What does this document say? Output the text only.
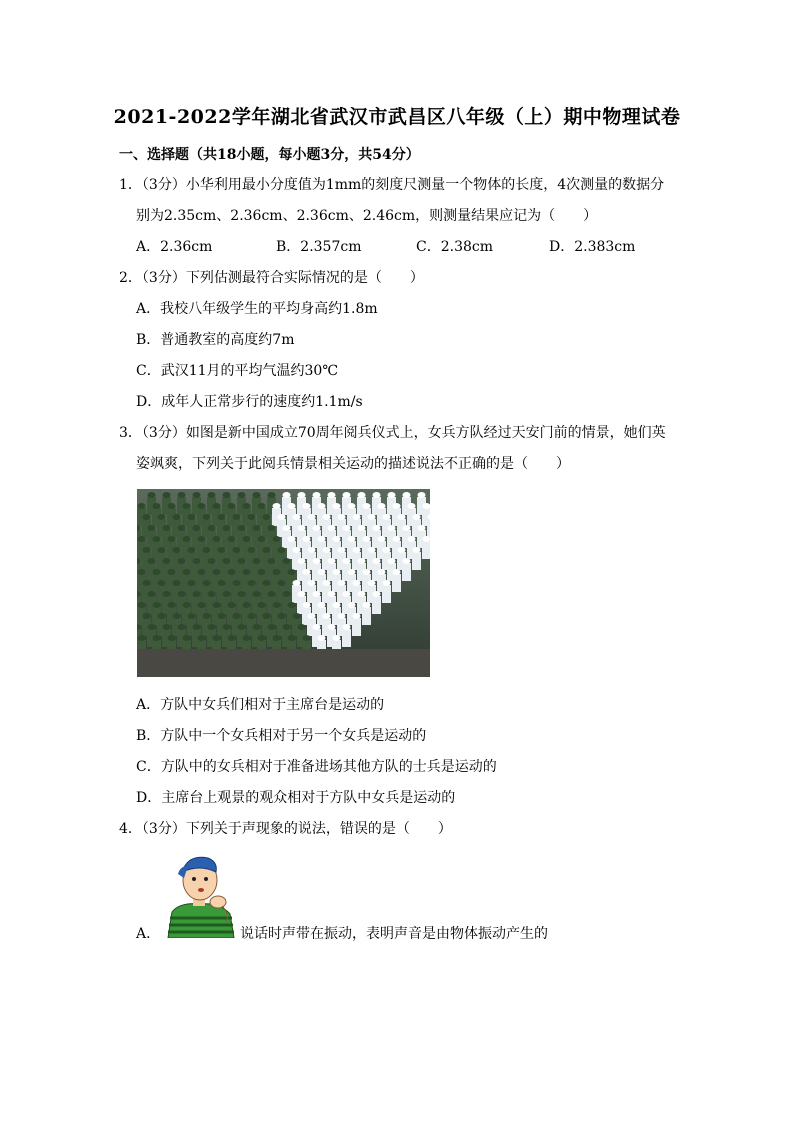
2021-2022学年湖北省武汉市武昌区八年级（上）期中物理试卷
一、选择题（共18小题，每小题3分，共54分）
1．（3分）小华利用最小分度值为1mm的刻度尺测量一个物体的长度，4次测量的数据分
别为2.35cm、2.36cm、2.36cm、2.46cm，则测量结果应记为（　　）
A．2.36cm	B．2.357cm	C．2.38cm	D．2.383cm
2．（3分）下列估测最符合实际情况的是（　　）
A．我校八年级学生的平均身高约1.8m
B．普通教室的高度约7m
C．武汉11月的平均气温约30℃
D．成年人正常步行的速度约1.1m/s
3．（3分）如图是新中国成立70周年阅兵仪式上，女兵方队经过天安门前的情景，她们英
姿飒爽，下列关于此阅兵情景相关运动的描述说法不正确的是（　　）
A．方队中女兵们相对于主席台是运动的
B．方队中一个女兵相对于另一个女兵是运动的
C．方队中的女兵相对于准备进场其他方队的士兵是运动的
D．主席台上观景的观众相对于方队中女兵是运动的
4．（3分）下列关于声现象的说法，错误的是（　　）
A．	说话时声带在振动，表明声音是由物体振动产生的
